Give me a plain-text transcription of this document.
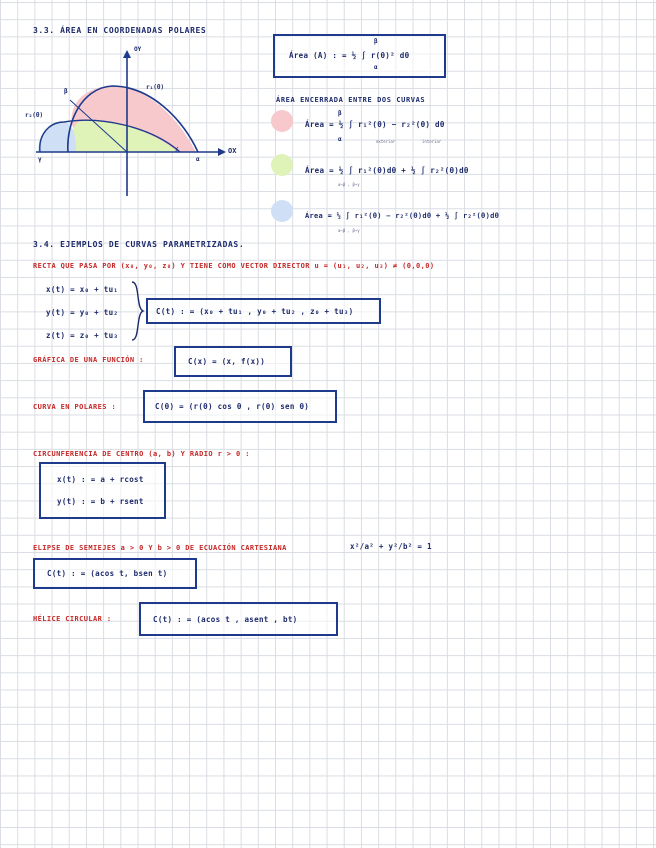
3.3. ÁREA EN COORDENADAS POLARES
Área (A) : = ½ ∫ r(θ)² dθ
β
α
OY
OX
r₁(θ)
r₂(θ)
β
α
γ
ÁREA ENCERRADA ENTRE DOS CURVAS
Área = ½ ∫ r₁²(θ) − r₂²(θ) dθ
β
α	exterior	interior
Área = ½ ∫ r₁²(θ)dθ + ½ ∫ r₂²(θ)dθ
α→β , β→γ
Área = ½ ∫ r₁²(θ) − r₂²(θ)dθ + ½ ∫ r₂²(θ)dθ
α→β , β→γ
3.4. EJEMPLOS DE CURVAS PARAMETRIZADAS.
RECTA QUE PASA POR (x₀, y₀, z₀) Y TIENE COMO VECTOR DIRECTOR u = (u₁, u₂, u₃) ≠ (0,0,0)
x(t) = x₀ + tu₁
y(t) = y₀ + tu₂
z(t) = z₀ + tu₃
C(t) : = (x₀ + tu₁ , y₀ + tu₂ , z₀ + tu₃)
GRÁFICA DE UNA FUNCIÓN :	C(x) = (x, f(x))
CURVA EN POLARES :	C(θ) = (r(θ) cos θ , r(θ) sen θ)
CIRCUNFERENCIA DE CENTRO (a, b) Y RADIO r > 0 :
x(t) : = a + rcost
y(t) : = b + rsent
ELIPSE DE SEMIEJES a > 0 Y b > 0 DE ECUACIÓN CARTESIANA	x²/a² + y²/b² = 1
C(t) : = (acos t, bsen t)
HÉLICE CIRCULAR :	C(t) : = (acos t , asent , bt)
